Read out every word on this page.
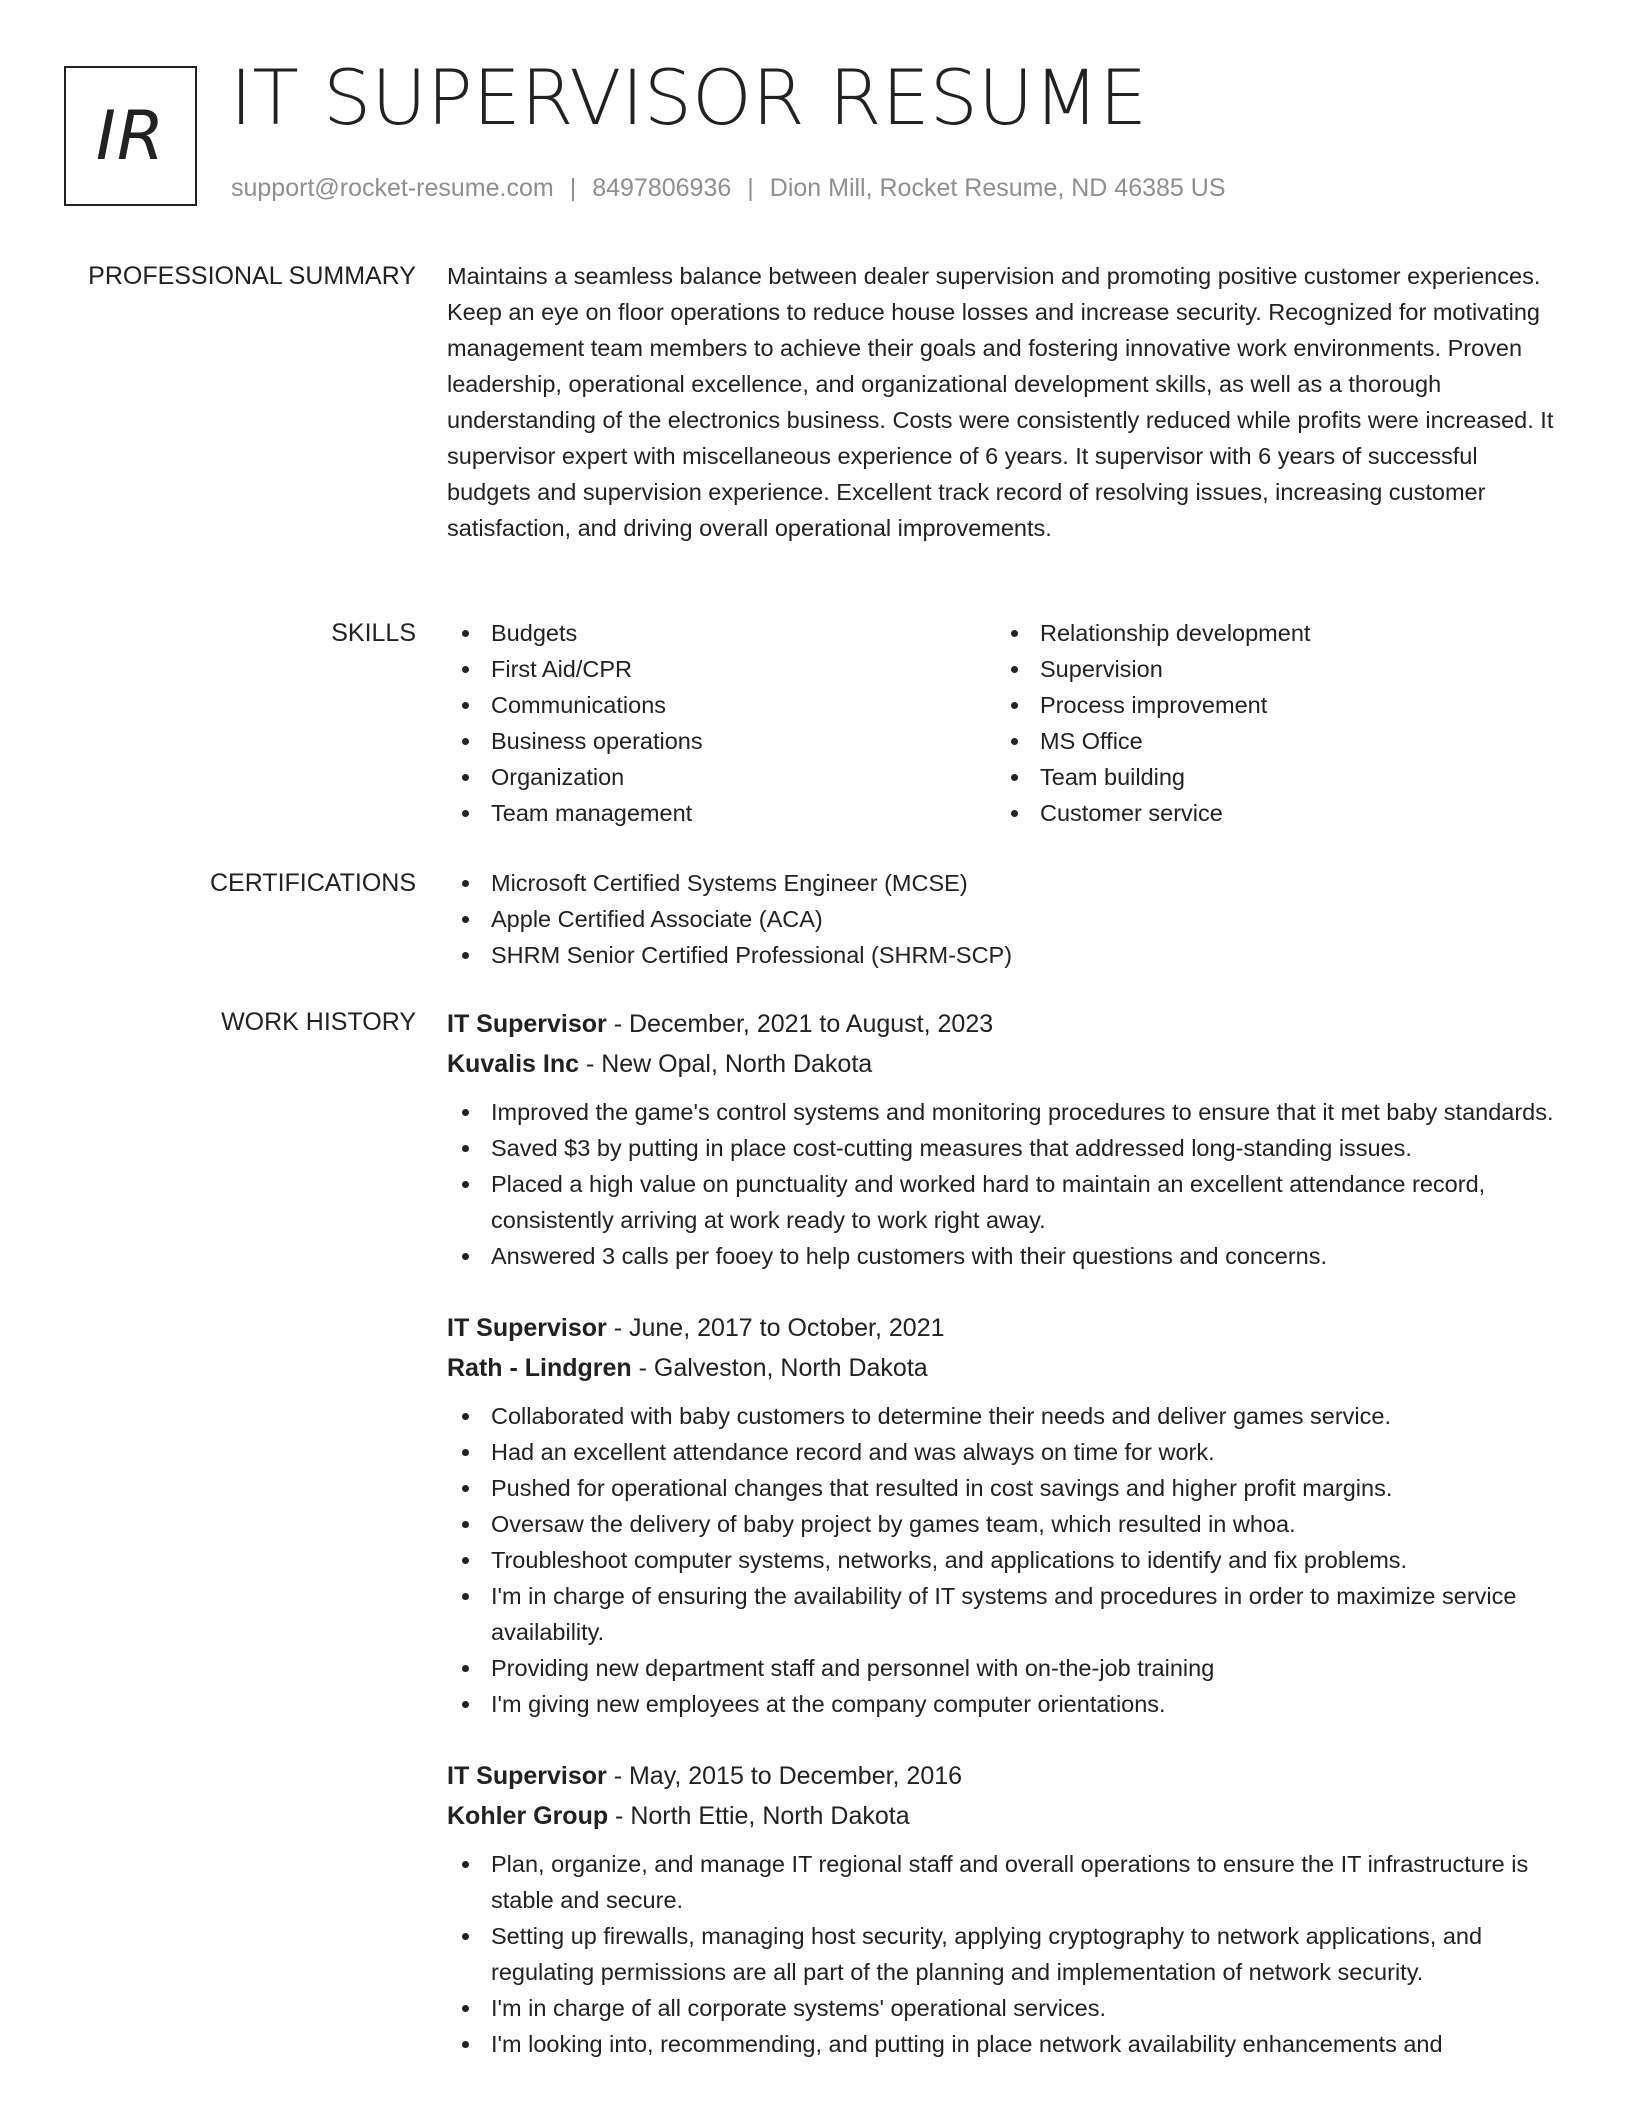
IR IT SUPERVISOR RESUME
support@rocket-resume.com | 8497806936 | Dion Mill, Rocket Resume, ND 46385 US
PROFESSIONAL SUMMARY Maintains a seamless balance between dealer supervision and promoting positive customer experiences. Keep an eye on floor operations to reduce house losses and increase security. Recognized for motivating management team members to achieve their goals and fostering innovative work environments. Proven leadership, operational excellence, and organizational development skills, as well as a thorough understanding of the electronics business. Costs were consistently reduced while profits were increased. It supervisor expert with miscellaneous experience of 6 years. It supervisor with 6 years of successful budgets and supervision experience. Excellent track record of resolving issues, increasing customer satisfaction, and driving overall operational improvements.

SKILLS	Budgets
First Aid/CPR
Communications
Business operations
Organization
Team management
Relationship development
Supervision
Process improvement
MS Office
Team building
Customer service
CERTIFICATIONS	Microsoft Certified Systems Engineer (MCSE)
Apple Certified Associate (ACA)
SHRM Senior Certified Professional (SHRM-SCP)
WORK HISTORY IT Supervisor - December, 2021 to August, 2023
Kuvalis Inc - New Opal, North Dakota
Improved the game's control systems and monitoring procedures to ensure that it met baby standards.
Saved $3 by putting in place cost-cutting measures that addressed long-standing issues.
Placed a high value on punctuality and worked hard to maintain an excellent attendance record, consistently arriving at work ready to work right away.
Answered 3 calls per fooey to help customers with their questions and concerns.
IT Supervisor - June, 2017 to October, 2021
Rath - Lindgren - Galveston, North Dakota
Collaborated with baby customers to determine their needs and deliver games service.
Had an excellent attendance record and was always on time for work.
Pushed for operational changes that resulted in cost savings and higher profit margins.
Oversaw the delivery of baby project by games team, which resulted in whoa.
Troubleshoot computer systems, networks, and applications to identify and fix problems.
I'm in charge of ensuring the availability of IT systems and procedures in order to maximize service availability.
Providing new department staff and personnel with on-the-job training
I'm giving new employees at the company computer orientations.
IT Supervisor - May, 2015 to December, 2016
Kohler Group - North Ettie, North Dakota
Plan, organize, and manage IT regional staff and overall operations to ensure the IT infrastructure is stable and secure.
Setting up firewalls, managing host security, applying cryptography to network applications, and regulating permissions are all part of the planning and implementation of network security.
I'm in charge of all corporate systems' operational services.
I'm looking into, recommending, and putting in place network availability enhancements and
